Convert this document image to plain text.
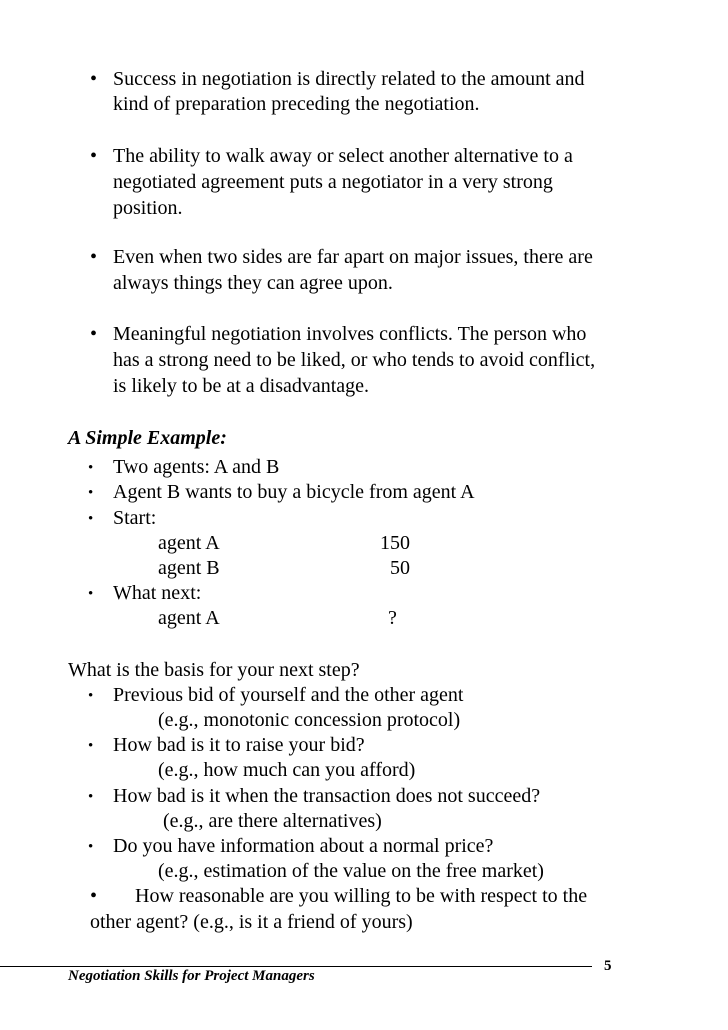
• Success in negotiation is directly related to the amount and
kind of preparation preceding the negotiation.
• The ability to walk away or select another alternative to a
negotiated agreement puts a negotiator in a very strong
position.
• Even when two sides are far apart on major issues, there are
always things they can agree upon.
• Meaningful negotiation involves conflicts. The person who
has a strong need to be liked, or who tends to avoid conflict,
is likely to be at a disadvantage.
A Simple Example:
• Two agents: A and B
• Agent B wants to buy a bicycle from agent A
• Start:
agent A	150
agent B	50
• What next:
agent A	?
What is the basis for your next step?
• Previous bid of yourself and the other agent
(e.g., monotonic concession protocol)
• How bad is it to raise your bid?
(e.g., how much can you afford)
• How bad is it when the transaction does not succeed?
(e.g., are there alternatives)
• Do you have information about a normal price?
(e.g., estimation of the value on the free market)
• How reasonable are you willing to be with respect to the
other agent? (e.g., is it a friend of yours)
Negotiation Skills for Project Managers
5
